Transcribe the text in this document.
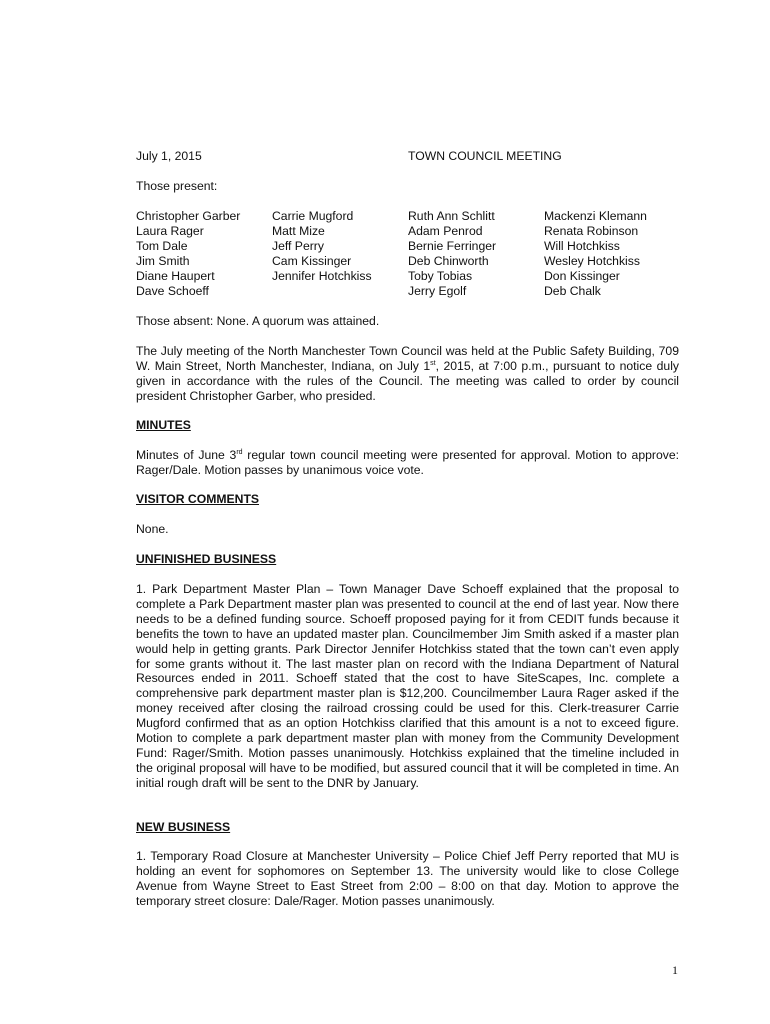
July 1, 2015	TOWN COUNCIL MEETING
Those present:
Christopher Garber
Laura Rager
Tom Dale
Jim Smith
Diane Haupert
Dave Schoeff
Carrie Mugford
Matt Mize
Jeff Perry
Cam Kissinger
Jennifer Hotchkiss
Ruth Ann Schlitt
Adam Penrod
Bernie Ferringer
Deb Chinworth
Toby Tobias
Jerry Egolf
Mackenzi Klemann
Renata Robinson
Will Hotchkiss
Wesley Hotchkiss
Don Kissinger
Deb Chalk
Those absent: None. A quorum was attained.

The July meeting of the North Manchester Town Council was held at the Public Safety Building, 709 W. Main Street, North Manchester, Indiana, on July 1st, 2015, at 7:00 p.m., pursuant to notice duly given in accordance with the rules of the Council. The meeting was called to order by council president Christopher Garber, who presided.

MINUTES

Minutes of June 3rd regular town council meeting were presented for approval. Motion to approve: Rager/Dale. Motion passes by unanimous voice vote.

VISITOR COMMENTS
None.
UNFINISHED BUSINESS

1. Park Department Master Plan – Town Manager Dave Schoeff explained that the proposal to complete a Park Department master plan was presented to council at the end of last year. Now there needs to be a defined funding source. Schoeff proposed paying for it from CEDIT funds because it benefits the town to have an updated master plan. Councilmember Jim Smith asked if a master plan would help in getting grants. Park Director Jennifer Hotchkiss stated that the town can’t even apply for some grants without it. The last master plan on record with the Indiana Department of Natural Resources ended in 2011. Schoeff stated that the cost to have SiteScapes, Inc. complete a comprehensive park department master plan is $12,200. Councilmember Laura Rager asked if the money received after closing the railroad crossing could be used for this. Clerk-treasurer Carrie Mugford confirmed that as an option Hotchkiss clarified that this amount is a not to exceed figure. Motion to complete a park department master plan with money from the Community Development Fund: Rager/Smith. Motion passes unanimously. Hotchkiss explained that the timeline included in the original proposal will have to be modified, but assured council that it will be completed in time. An initial rough draft will be sent to the DNR by January.

NEW BUSINESS

1. Temporary Road Closure at Manchester University – Police Chief Jeff Perry reported that MU is holding an event for sophomores on September 13. The university would like to close College Avenue from Wayne Street to East Street from 2:00 – 8:00 on that day. Motion to approve the temporary street closure: Dale/Rager. Motion passes unanimously.

1
